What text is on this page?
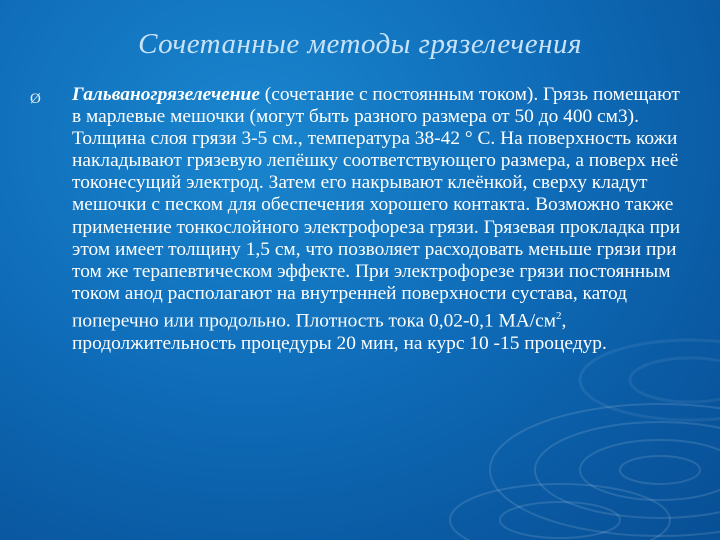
Сочетанные методы грязелечения
Ø Гальваногрязелечение (сочетание с постоянным током). Грязь помещают в марлевые мешочки (могут быть разного размера от 50 до 400 см3). Толщина слоя грязи 3-5 см., температура 38-42 ° С. На поверхность кожи накладывают грязевую лепёшку соответствующего размера, а поверх неё токонесущий электрод. Затем его накрывают клеёнкой, сверху кладут мешочки с песком для обеспечения хорошего контакта. Возможно также применение тонкослойного электрофореза грязи. Грязевая прокладка при этом имеет толщину 1,5 см, что позволяет расходовать меньше грязи при том же терапевтическом эффекте. При электрофорезе грязи постоянным током анод располагают на внутренней поверхности сустава, катод поперечно или продольно. Плотность тока 0,02-0,1 $МА/см^2$, продолжительность процедуры 20 мин, на курс 10 -15 процедур.
